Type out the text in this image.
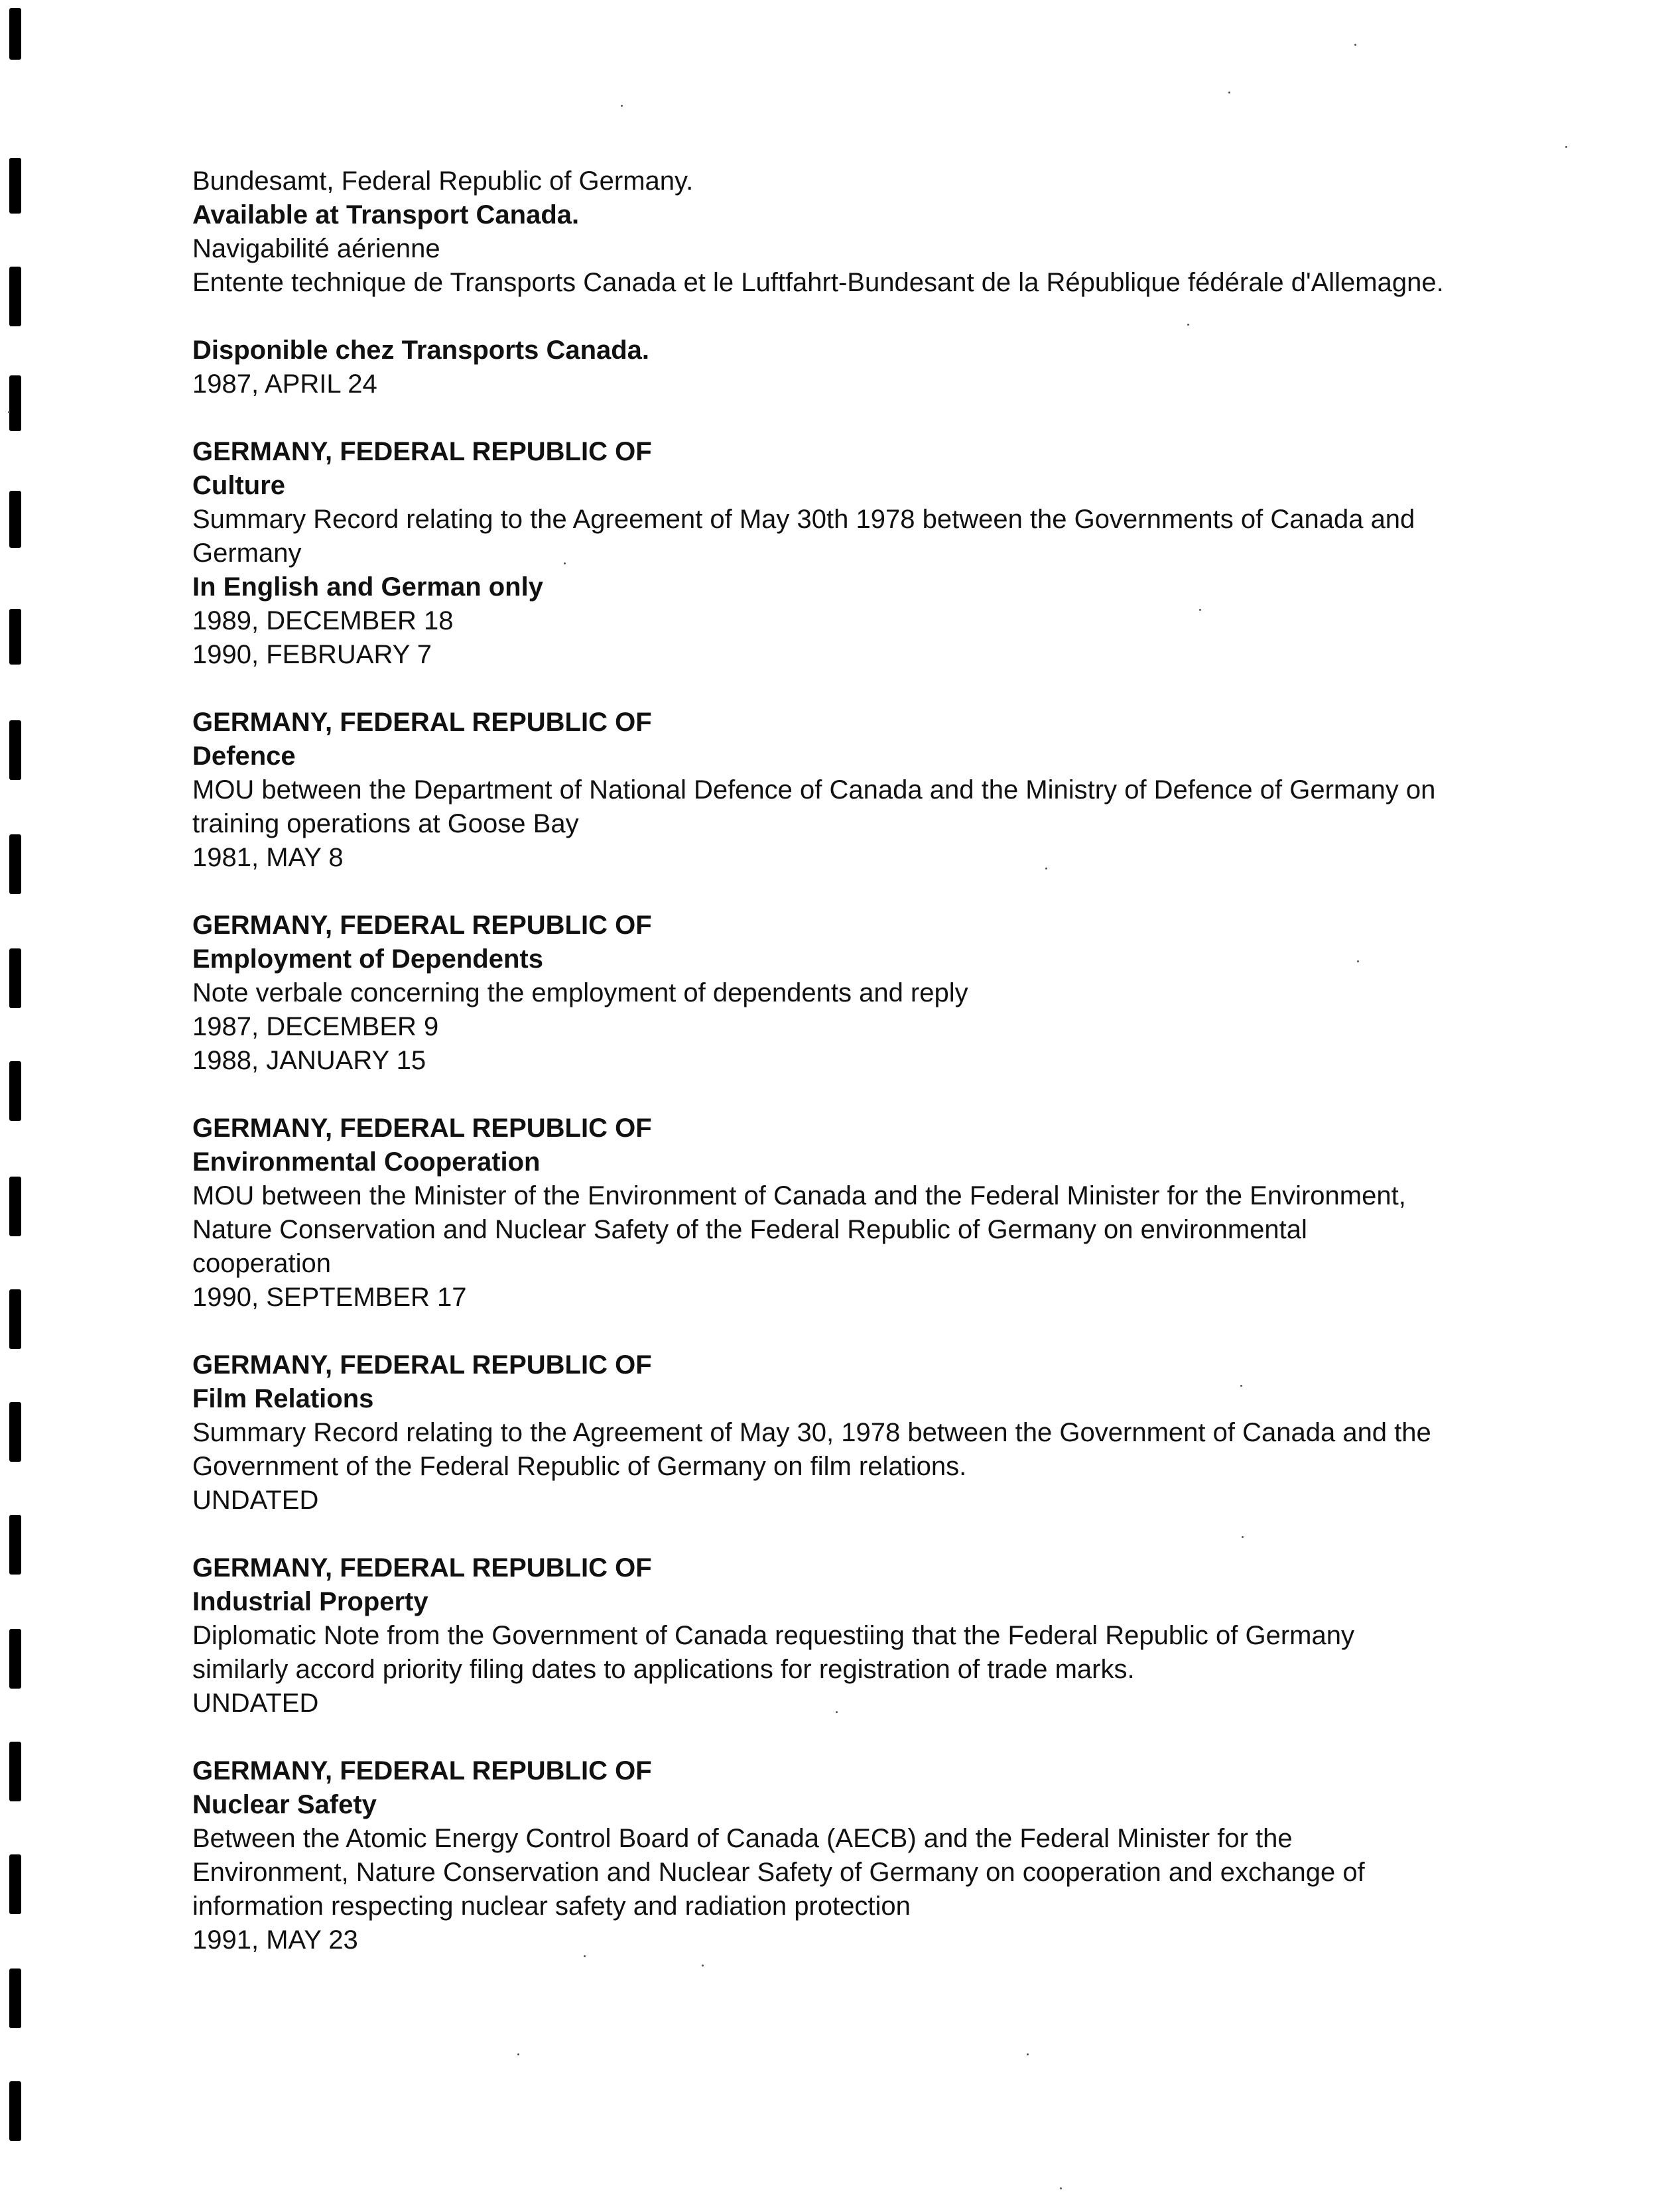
Bundesamt, Federal Republic of Germany.
Available at Transport Canada.
Navigabilité aérienne
Entente technique de Transports Canada et le Luftfahrt-Bundesant de la République fédérale d'Allemagne.
Disponible chez Transports Canada.
1987, APRIL 24
GERMANY, FEDERAL REPUBLIC OF
Culture
Summary Record relating to the Agreement of May 30th 1978 between the Governments of Canada and
Germany
In English and German only
1989, DECEMBER 18
1990, FEBRUARY 7
GERMANY, FEDERAL REPUBLIC OF
Defence
MOU between the Department of National Defence of Canada and the Ministry of Defence of Germany on
training operations at Goose Bay
1981, MAY 8
GERMANY, FEDERAL REPUBLIC OF
Employment of Dependents
Note verbale concerning the employment of dependents and reply
1987, DECEMBER 9
1988, JANUARY 15
GERMANY, FEDERAL REPUBLIC OF
Environmental Cooperation
MOU between the Minister of the Environment of Canada and the Federal Minister for the Environment,
Nature Conservation and Nuclear Safety of the Federal Republic of Germany on environmental
cooperation
1990, SEPTEMBER 17
GERMANY, FEDERAL REPUBLIC OF
Film Relations
Summary Record relating to the Agreement of May 30, 1978 between the Government of Canada and the
Government of the Federal Republic of Germany on film relations.
UNDATED
GERMANY, FEDERAL REPUBLIC OF
Industrial Property
Diplomatic Note from the Government of Canada requestiing that the Federal Republic of Germany
similarly accord priority filing dates to applications for registration of trade marks.
UNDATED
GERMANY, FEDERAL REPUBLIC OF
Nuclear Safety
Between the Atomic Energy Control Board of Canada (AECB) and the Federal Minister for the
Environment, Nature Conservation and Nuclear Safety of Germany on cooperation and exchange of
information respecting nuclear safety and radiation protection
1991, MAY 23
